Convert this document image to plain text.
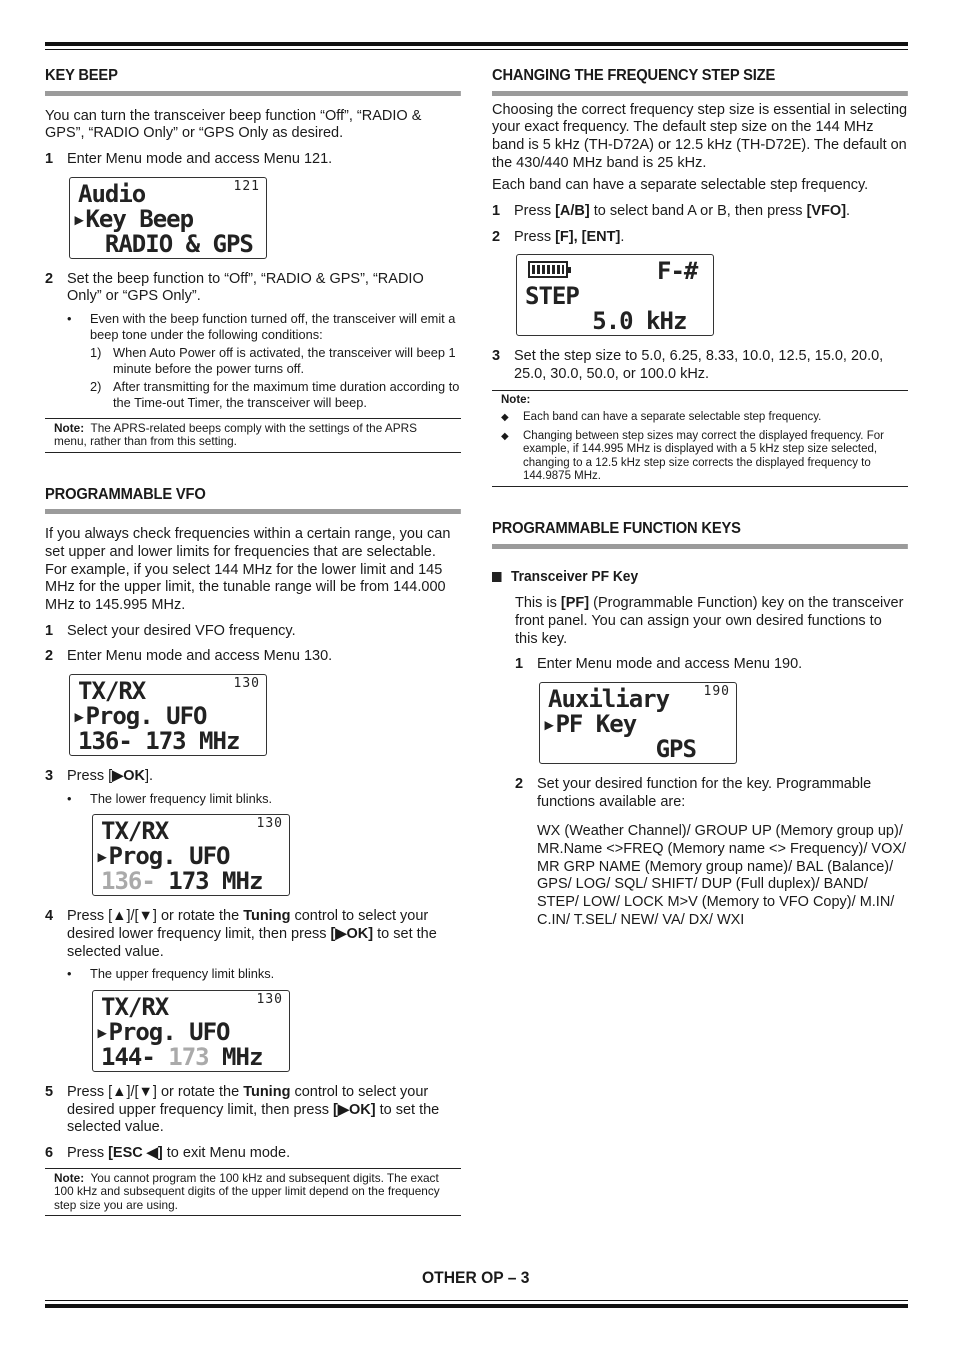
KEY BEEP

You can turn the transceiver beep function “Off”, “RADIO & GPS”, “RADIO Only” or “GPS Only as desired.

1 Enter Menu mode and access Menu 121.
121
Audio
▸Key Beep
RADIO & GPS
2 Set the beep function to “Off”, “RADIO & GPS”, “RADIO Only” or “GPS Only”.
•	Even with the beep function turned off, the transceiver will emit a beep tone under the following conditions:
1) When Auto Power off is activated, the transceiver will beep 1 minute before the power turns off.
2) After transmitting for the maximum time duration according to the Time-out Timer, the transceiver will beep.
Note: The APRS-related beeps comply with the settings of the APRS menu, rather than from this setting.
PROGRAMMABLE VFO

If you always check frequencies within a certain range, you can set upper and lower limits for frequencies that are selectable. For example, if you select 144 MHz for the lower limit and 145 MHz for the upper limit, the tunable range will be from 144.000 MHz to 145.995 MHz.

1 Select your desired VFO frequency.
2 Enter Menu mode and access Menu 130.
130
TX/RX
▸Prog. UFO
136- 173 MHz
3 Press [▶OK].
•	The lower frequency limit blinks.
130
TX/RX
▸Prog. UFO
136- 173 MHz
4 Press [▲]/[▼] or rotate the Tuning control to select your desired lower frequency limit, then press [▶OK] to set the selected value.
•	The upper frequency limit blinks.
130
TX/RX
▸Prog. UFO
144- 173 MHz
5 Press [▲]/[▼] or rotate the Tuning control to select your desired upper frequency limit, then press [▶OK] to set the selected value.
6 Press [ESC ◀] to exit Menu mode.
Note: You cannot program the 100 kHz and subsequent digits. The exact 100 kHz and subsequent digits of the upper limit depend on the frequency step size you are using.
CHANGING THE FREQUENCY STEP SIZE

Choosing the correct frequency step size is essential in selecting your exact frequency. The default step size on the 144 MHz band is 5 kHz (TH-D72A) or 12.5 kHz (TH-D72E). The default on the 430/440 MHz band is 25 kHz.

Each band can have a separate selectable step frequency.

1 Press [A/B] to select band A or B, then press [VFO].
2 Press [F], [ENT].
F-#
STEP
5.0 kHz
3 Set the step size to 5.0, 6.25, 8.33, 10.0, 12.5, 15.0, 20.0, 25.0, 30.0, 50.0, or 100.0 kHz.
Note:
◆	Each band can have a separate selectable step frequency.
◆	Changing between step sizes may correct the displayed frequency. For example, if 144.995 MHz is displayed with a 5 kHz step size selected, changing to a 12.5 kHz step size corrects the displayed frequency to 144.9875 MHz.
PROGRAMMABLE FUNCTION KEYS
Transceiver PF Key

This is [PF] (Programmable Function) key on the transceiver front panel. You can assign your own desired functions to this key.

1 Enter Menu mode and access Menu 190.
190
Auxiliary
▸PF Key
GPS
2 Set your desired function for the key. Programmable functions available are:

WX (Weather Channel)/ GROUP UP (Memory group up)/ MR.Name <>FREQ (Memory name <> Frequency)/ VOX/ MR GRP NAME (Memory group name)/ BAL (Balance)/ GPS/ LOG/ SQL/ SHIFT/ DUP (Full duplex)/ BAND/ STEP/ LOW/ LOCK M>V (Memory to VFO Copy)/ M.IN/ C.IN/ T.SEL/ NEW/ VA/ DX/ WXI

OTHER OP – 3
